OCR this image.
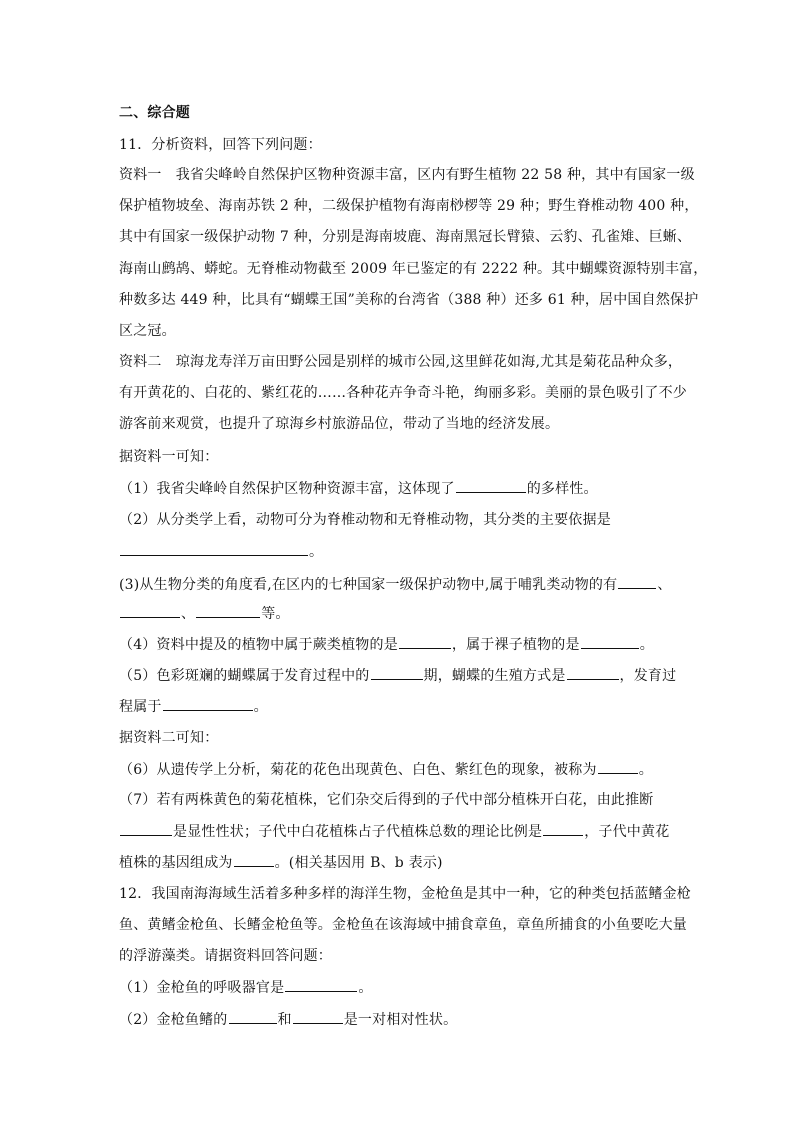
二、综合题
11．分析资料，回答下列问题：
资料一　我省尖峰岭自然保护区物种资源丰富，区内有野生植物 22 58 种，其中有国家一级
保护植物坡垒、海南苏铁 2 种，二级保护植物有海南桫椤等 29 种；野生脊椎动物 400 种，
其中有国家一级保护动物 7 种，分别是海南坡鹿、海南黑冠长臂猿、云豹、孔雀雉、巨蜥、
海南山鹧鸪、蟒蛇。无脊椎动物截至 2009 年已鉴定的有 2222 种。其中蝴蝶资源特别丰富，
种数多达 449 种，比具有“蝴蝶王国”美称的台湾省（388 种）还多 61 种，居中国自然保护
区之冠。
资料二　琼海龙寿洋万亩田野公园是别样的城市公园,这里鲜花如海,尤其是菊花品种众多，
有开黄花的、白花的、紫红花的……各种花卉争奇斗艳，绚丽多彩。美丽的景色吸引了不少
游客前来观赏，也提升了琼海乡村旅游品位，带动了当地的经济发展。
据资料一可知：
（1）我省尖峰岭自然保护区物种资源丰富，这体现了	的多样性。
（2）从分类学上看，动物可分为脊椎动物和无脊椎动物，其分类的主要依据是
。
(3)从生物分类的角度看,在区内的七种国家一级保护动物中,属于哺乳类动物的有	、
、	等。
（4）资料中提及的植物中属于蕨类植物的是	，属于裸子植物的是	。
（5）色彩斑斓的蝴蝶属于发育过程中的	期，蝴蝶的生殖方式是	，发育过
程属于	。
据资料二可知：
（6）从遗传学上分析，菊花的花色出现黄色、白色、紫红色的现象，被称为	。
（7）若有两株黄色的菊花植株，它们杂交后得到的子代中部分植株开白花，由此推断
是显性性状；子代中白花植株占子代植株总数的理论比例是	，子代中黄花
植株的基因组成为	。(相关基因用 B、b 表示)
12．我国南海海域生活着多种多样的海洋生物，金枪鱼是其中一种，它的种类包括蓝鳍金枪
鱼、黄鳍金枪鱼、长鳍金枪鱼等。金枪鱼在该海域中捕食章鱼，章鱼所捕食的小鱼要吃大量
的浮游藻类。请据资料回答问题：
（1）金枪鱼的呼吸器官是	。
（2）金枪鱼鳍的	和	是一对相对性状。
